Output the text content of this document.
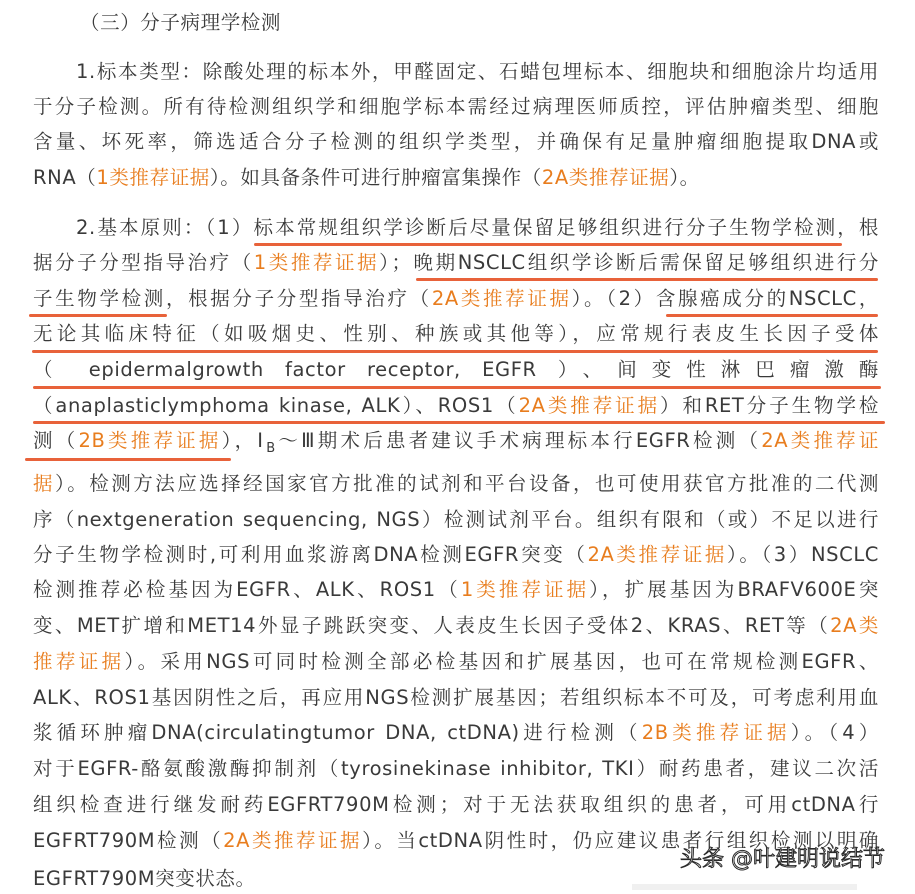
（三）分子病理学检测
1.标本类型：除酸处理的标本外，甲醛固定、石蜡包埋标本、细胞块和细胞涂片均适用
于分子检测。所有待检测组织学和细胞学标本需经过病理医师质控，评估肿瘤类型、细胞
含量、坏死率，筛选适合分子检测的组织学类型，并确保有足量肿瘤细胞提取DNA或
RNA（1类推荐证据）。如具备条件可进行肿瘤富集操作（2A类推荐证据）。
2.基本原则：（1）标本常规组织学诊断后尽量保留足够组织进行分子生物学检测，根
据分子分型指导治疗（1类推荐证据）；晚期NSCLC组织学诊断后需保留足够组织进行分
子生物学检测，根据分子分型指导治疗（2A类推荐证据）。（2）含腺癌成分的NSCLC，
无论其临床特征（如吸烟史、性别、种族或其他等），应常规行表皮生长因子受体
（ epidermalgrowth factor receptor, EGFR ）、间变性淋巴瘤激酶
（anaplasticlymphoma kinase, ALK）、ROS1（2A类推荐证据）和RET分子生物学检
测（2B类推荐证据），$Ⅰ_B\sim Ⅲ$期术后患者建议手术病理标本行EGFR检测（2A类推荐证
据）。检测方法应选择经国家官方批准的试剂和平台设备，也可使用获官方批准的二代测
序（nextgeneration sequencing, NGS）检测试剂平台。组织有限和（或）不足以进行
分子生物学检测时,可利用血浆游离DNA检测EGFR突变（2A类推荐证据）。（3）NSCLC
检测推荐必检基因为EGFR、ALK、ROS1（1类推荐证据），扩展基因为BRAFV600E突
变、MET扩增和MET14外显子跳跃突变、人表皮生长因子受体2、KRAS、RET等（2A类
推荐证据）。采用NGS可同时检测全部必检基因和扩展基因，也可在常规检测EGFR、
ALK、ROS1基因阴性之后，再应用NGS检测扩展基因；若组织标本不可及，可考虑利用血
浆循环肿瘤DNA(circulatingtumor DNA, ctDNA)进行检测（2B类推荐证据）。（4）
对于EGFR-酪氨酸激酶抑制剂（tyrosinekinase inhibitor, TKI）耐药患者，建议二次活
组织检查进行继发耐药EGFRT790M检测；对于无法获取组织的患者，可用ctDNA行
EGFRT790M检测（2A类推荐证据）。当ctDNA阴性时，仍应建议患者行组织检测以明确
EGFRT790M突变状态。
头条 @叶建明说结节
